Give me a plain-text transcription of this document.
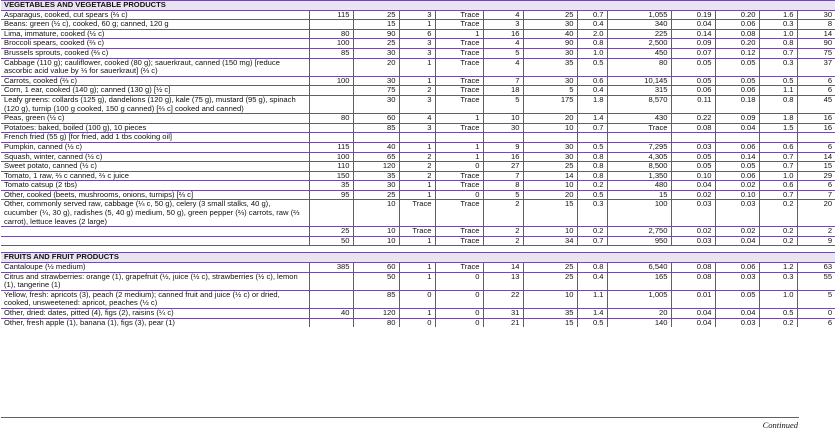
VEGETABLES AND VEGETABLE PRODUCTS												
Asparagus, cooked, cut spears (⅔ c)	115	25	3	Trace	4	25	0.7	1,055	0.19	0.20	1.6	30
Beans: green (½ c), cooked, 60 g; canned, 120 g		15	1	Trace	3	30	0.4	340	0.04	0.06	0.3	8
Lima, immature, cooked (½ c)	80	90	6	1	16	40	2.0	225	0.14	0.08	1.0	14
Broccoli spears, cooked (⅔ c)	100	25	3	Trace	4	90	0.8	2,500	0.09	0.20	0.8	90
Brussels sprouts, cooked (⅔ c)	85	30	3	Trace	5	30	1.0	450	0.07	0.12	0.7	75
Cabbage (110 g); cauliflower, cooked (80 g); sauerkraut, canned (150 mg) [reduce ascorbic acid value by ⅓ for sauerkraut] (⅔ c)		20	1	Trace	4	35	0.5	80	0.05	0.05	0.3	37
Carrots, cooked (⅔ c)	100	30	1	Trace	7	30	0.6	10,145	0.05	0.05	0.5	6
Corn, 1 ear, cooked (140 g); canned (130 g) [½ c]		75	2	Trace	18	5	0.4	315	0.06	0.06	1.1	6
Leafy greens: collards (125 g), dandelions (120 g), kale (75 g), mustard (95 g), spinach (120 g), turnip (100 g cooked, 150 g canned) [⅔ c] cooked and canned)		30	3	Trace	5	175	1.8	8,570	0.11	0.18	0.8	45
Peas, green (½ c)	80	60	4	1	10	20	1.4	430	0.22	0.09	1.8	16
Potatoes: baked, boiled (100 g), 10 pieces		85	3	Trace	30	10	0.7	Trace	0.08	0.04	1.5	16
French fried (55 g) [for fried, add 1 tbs cooking oil]												
Pumpkin, canned (½ c)	115	40	1	1	9	30	0.5	7,295	0.03	0.06	0.6	6
Squash, winter, canned (½ c)	100	65	2	1	16	30	0.8	4,305	0.05	0.14	0.7	14
Sweet potato, canned (½ c)	110	120	2	0	27	25	0.8	8,500	0.05	0.05	0.7	15
Tomato, 1 raw, ⅔ c canned, ⅔ c juice	150	35	2	Trace	7	14	0.8	1,350	0.10	0.06	1.0	29
Tomato catsup (2 tbs)	35	30	1	Trace	8	10	0.2	480	0.04	0.02	0.6	6
Other, cooked (beets, mushrooms, onions, turnips) [⅔ c]	95	25	1	0	5	20	0.5	15	0.02	0.10	0.7	7
Other, commonly served raw, cabbage (¼ c, 50 g), celery (3 small stalks, 40 g), cucumber (¼, 30 g), radishes (5, 40 g) medium, 50 g), green pepper (⅔) carrots, raw (⅔ carrot), lettuce leaves (2 large)		10	Trace	Trace	2	15	0.3	100	0.03	0.03	0.2	20
	25	10	Trace	Trace	2	10	0.2	2,750	0.02	0.02	0.2	2
	50	10	1	Trace	2	34	0.7	950	0.03	0.04	0.2	9

FRUITS AND FRUIT PRODUCTS												
Cantaloupe (½ medium)	385	60	1	Trace	14	25	0.8	6,540	0.08	0.06	1.2	63
Citrus and strawberries: orange (1), grapefruit (½, juice (½ c), strawberries (½ c), lemon (1), tangerine (1)		50	1	0	13	25	0.4	165	0.08	0.03	0.3	55
Yellow, fresh: apricots (3), peach (2 medium); canned fruit and juice (½ c) or dried, cooked, unsweetened: apricot, peaches (½ c)		85	0	0	22	10	1.1	1,005	0.01	0.05	1.0	5
Other, dried: dates, pitted (4), figs (2), raisins (¼ c)	40	120	1	0	31	35	1.4	20	0.04	0.04	0.5	0
Other, fresh apple (1), banana (1), figs (3), pear (1)		80	0	0	21	15	0.5	140	0.04	0.03	0.2	6
Continued
